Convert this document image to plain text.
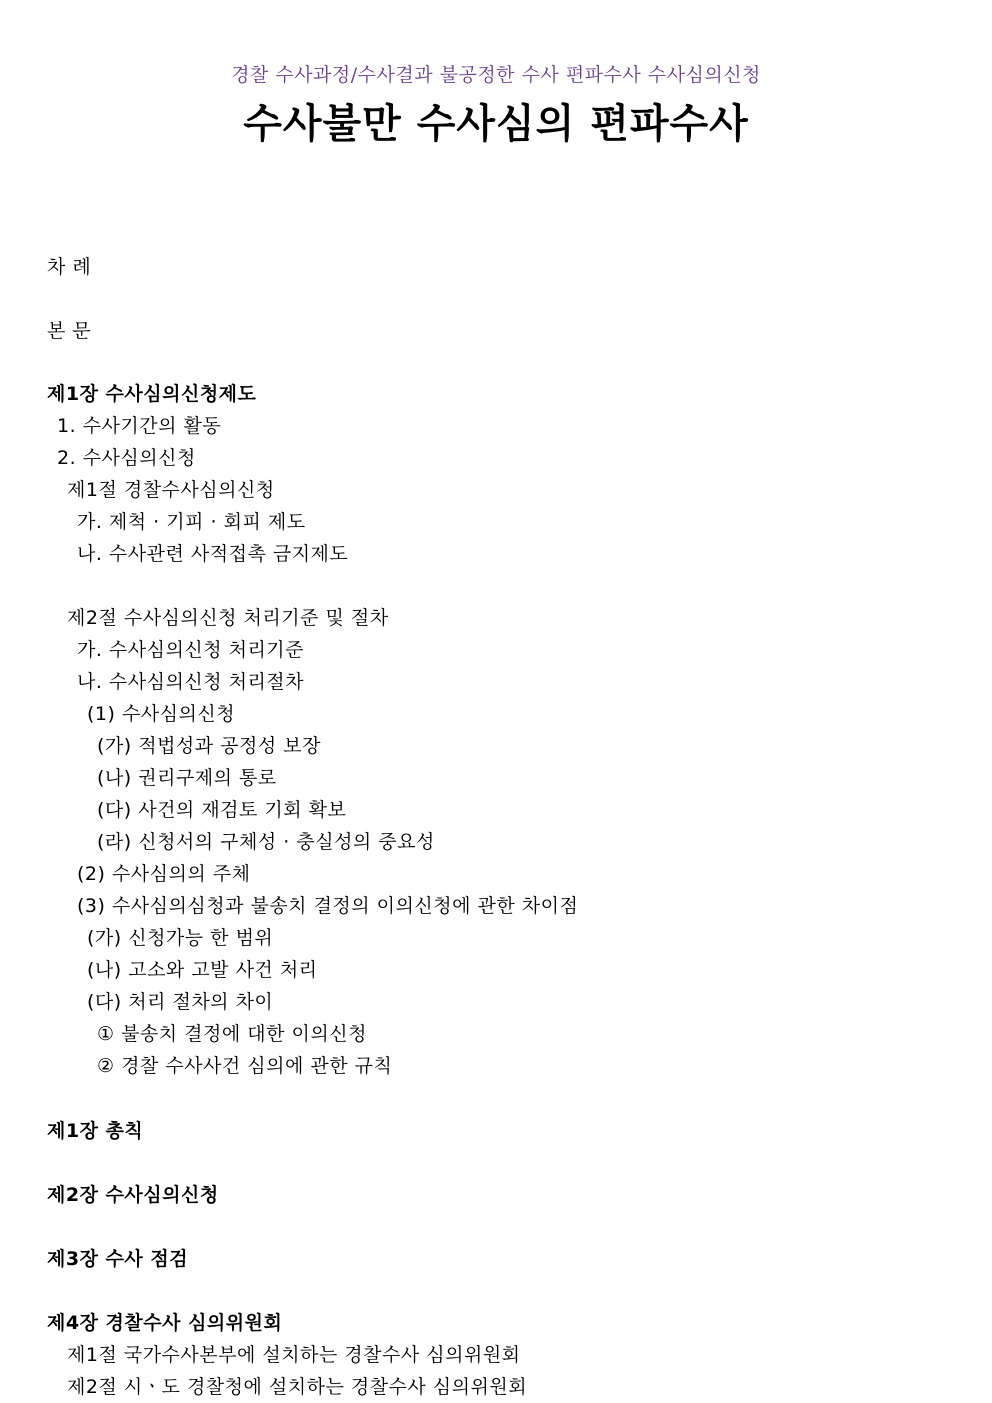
경찰 수사과정/수사결과 불공정한 수사 편파수사 수사심의신청
수사불만 수사심의 편파수사
차 례
본 문
제1장 수사심의신청제도
1. 수사기간의 활동
2. 수사심의신청
제1절 경찰수사심의신청
가. 제척 · 기피 · 회피 제도
나. 수사관련 사적접촉 금지제도
제2절 수사심의신청 처리기준 및 절차
가. 수사심의신청 처리기준
나. 수사심의신청 처리절차
(1) 수사심의신청
(가) 적법성과 공정성 보장
(나) 권리구제의 통로
(다) 사건의 재검토 기회 확보
(라) 신청서의 구체성 · 충실성의 중요성
(2) 수사심의의 주체
(3) 수사심의심청과 불송치 결정의 이의신청에 관한 차이점
(가) 신청가능 한 범위
(나) 고소와 고발 사건 처리
(다) 처리 절차의 차이
① 불송치 결정에 대한 이의신청
② 경찰 수사사건 심의에 관한 규칙
제1장 총칙
제2장 수사심의신청
제3장 수사 점검
제4장 경찰수사 심의위원회
제1절 국가수사본부에 설치하는 경찰수사 심의위원회
제2절 시ㆍ도 경찰청에 설치하는 경찰수사 심의위원회
